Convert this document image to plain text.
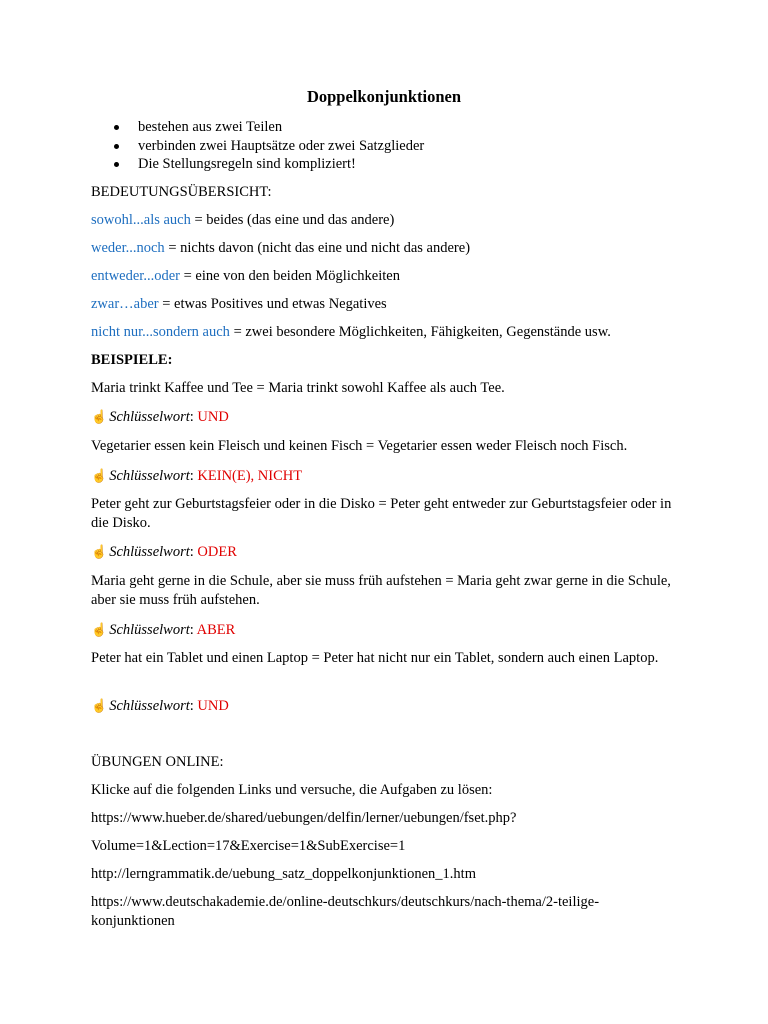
Doppelkonjunktionen
bestehen aus zwei Teilen
verbinden zwei Hauptsätze oder zwei Satzglieder
Die Stellungsregeln sind kompliziert!
BEDEUTUNGSÜBERSICHT:
sowohl...als auch = beides (das eine und das andere)
weder...noch = nichts davon (nicht das eine und nicht das andere)
entweder...oder = eine von den beiden Möglichkeiten
zwar…aber = etwas Positives und etwas Negatives
nicht nur...sondern auch = zwei besondere Möglichkeiten, Fähigkeiten, Gegenstände usw.
BEISPIELE:
Maria trinkt Kaffee und Tee = Maria trinkt sowohl Kaffee als auch Tee.
☝ Schlüsselwort: UND
Vegetarier essen kein Fleisch und keinen Fisch = Vegetarier essen weder Fleisch noch Fisch.
☝ Schlüsselwort: KEIN(E), NICHT
Peter geht zur Geburtstagsfeier oder in die Disko = Peter geht entweder zur Geburtstagsfeier oder in die Disko.
☝ Schlüsselwort: ODER
Maria geht gerne in die Schule, aber sie muss früh aufstehen = Maria geht zwar gerne in die Schule, aber sie muss früh aufstehen.
☝ Schlüsselwort: ABER
Peter hat ein Tablet und einen Laptop = Peter hat nicht nur ein Tablet, sondern auch einen Laptop.
☝ Schlüsselwort: UND
ÜBUNGEN ONLINE:
Klicke auf die folgenden Links und versuche, die Aufgaben zu lösen:
https://www.hueber.de/shared/uebungen/delfin/lerner/uebungen/fset.php?
Volume=1&Lection=17&Exercise=1&SubExercise=1
http://lerngrammatik.de/uebung_satz_doppelkonjunktionen_1.htm
https://www.deutschakademie.de/online-deutschkurs/deutschkurs/nach-thema/2-teilige-konjunktionen
